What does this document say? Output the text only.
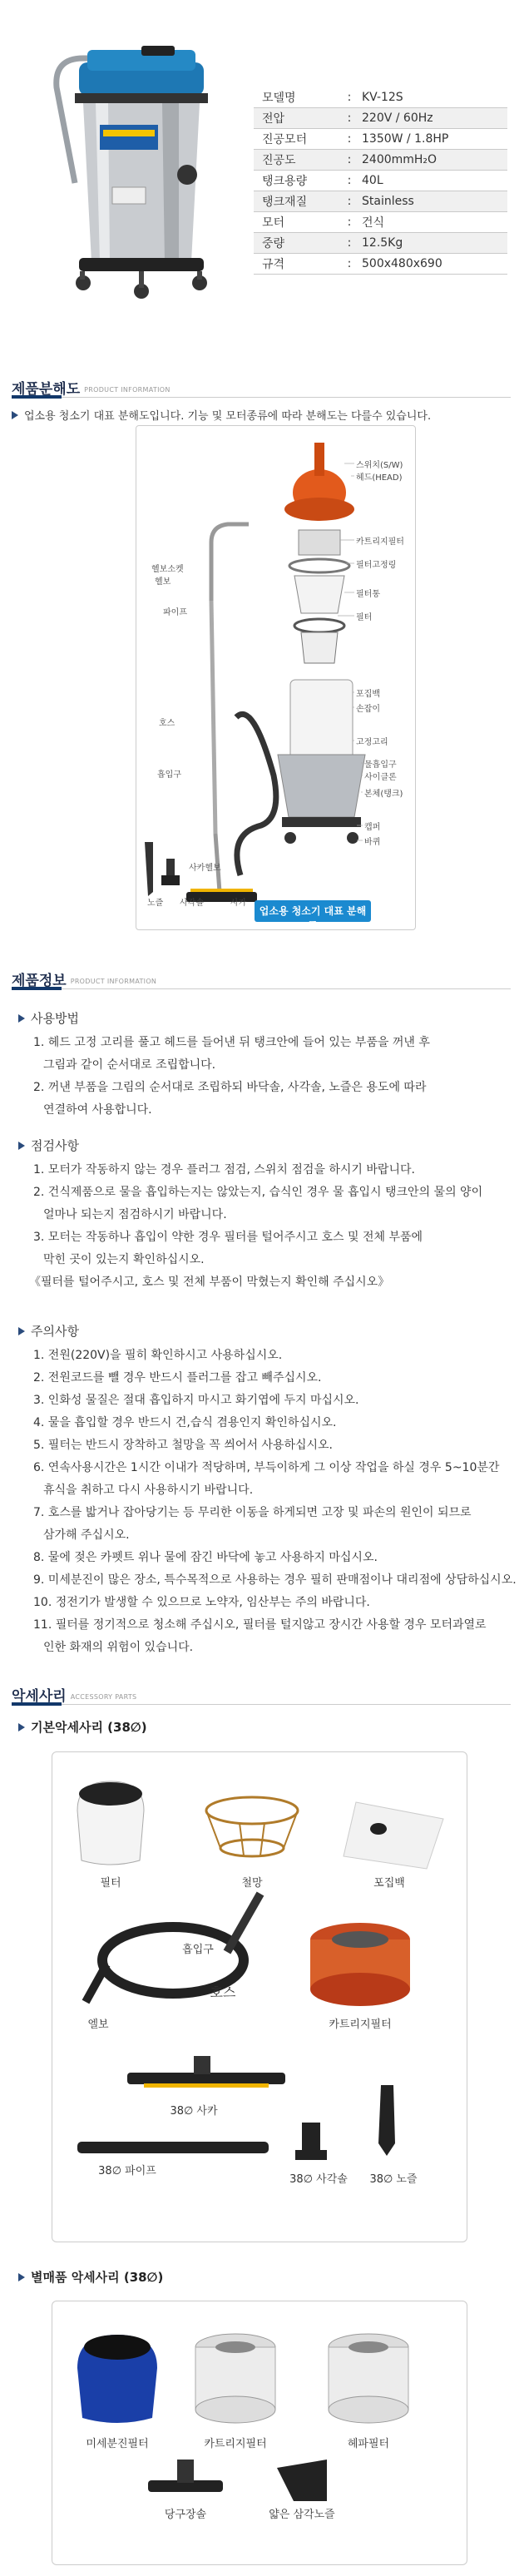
모델명	: KV-12S
전압	: 220V / 60Hz
진공모터	: 1350W / 1.8HP
진공도	: 2400mmH₂O
탱크용량	: 40L
탱크재질	: Stainless
모터	: 건식
중량	: 12.5Kg
규격	: 500x480x690
제품분해도 PRODUCT INFORMATION
업소용 청소기 대표 분해도입니다. 기능 및 모터종류에 따라 분해도는 다를수 있습니다.
스위치(S/W)
헤드(HEAD)
카트리지필터
필터고정링
필터통
필터
포집백
손잡이
고정고리
물흡입구
사이클론
본체(탱크)
캡퍼
바퀴
헬보소켓
헬보
파이프
호스
흡입구
사카헬보
노즐 사각솔	사카
업소용 청소기 대표 분해도
제품정보 PRODUCT INFORMATION
사용방법
1. 헤드 고정 고리를 풀고 헤드를 들어낸 뒤 탱크안에 들어 있는 부품을 꺼낸 후
그림과 같이 순서대로 조립합니다.
2. 꺼낸 부품을 그림의 순서대로 조립하되 바닥솔, 사각솔, 노즐은 용도에 따라
연결하여 사용합니다.
점검사항
1. 모터가 작동하지 않는 경우 플러그 점검, 스위치 점검을 하시기 바랍니다.
2. 건식제품으로 물을 흡입하는지는 않았는지, 습식인 경우 물 흡입시 탱크안의 물의 양이
얼마나 되는지 점검하시기 바랍니다.
3. 모터는 작동하나 흡입이 약한 경우 필터를 털어주시고 호스 및 전체 부품에
막힌 곳이 있는지 확인하십시오.
《필터를 털어주시고, 호스 및 전체 부품이 막혔는지 확인해 주십시오》
주의사항
1. 전원(220V)을 필히 확인하시고 사용하십시오.
2. 전원코드를 뺄 경우 반드시 플러그를 잡고 빼주십시오.
3. 인화성 물질은 절대 흡입하지 마시고 화기엽에 두지 마십시오.
4. 물을 흡입할 경우 반드시 건,습식 겸용인지 확인하십시오.
5. 필터는 반드시 장착하고 철망을 꼭 씌어서 사용하십시오.
6. 연속사용시간은 1시간 이내가 적당하며, 부득이하게 그 이상 작업을 하실 경우 5~10분간
휴식을 취하고 다시 사용하시기 바랍니다.
7. 호스를 밟거나 잡아당기는 등 무리한 이동을 하게되면 고장 및 파손의 원인이 되므로
삼가해 주십시오.
8. 물에 젖은 카펫트 위나 물에 잠긴 바닥에 놓고 사용하지 마십시오.
9. 미세분진이 많은 장소, 특수목적으로 사용하는 경우 필히 판매점이나 대리점에 상담하십시오.
10. 정전기가 발생할 수 있으므로 노약자, 임산부는 주의 바랍니다.
11. 필터를 정기적으로 청소해 주십시오, 필터를 털지않고 장시간 사용할 경우 모터과열로
인한 화재의 위험이 있습니다.
악세사리 ACCESSORY PARTS
기본악세사리 (38∅)
필터	철망	포집백
엘보
흡입구
호스
카트리지필터
38∅ 사카
38∅ 파이프
38∅ 사각솔	38∅ 노즐
별매품 악세사리 (38∅)
미세분진필터	카트리지필터	헤파필터
당구장솔	얇은 삼각노즐
